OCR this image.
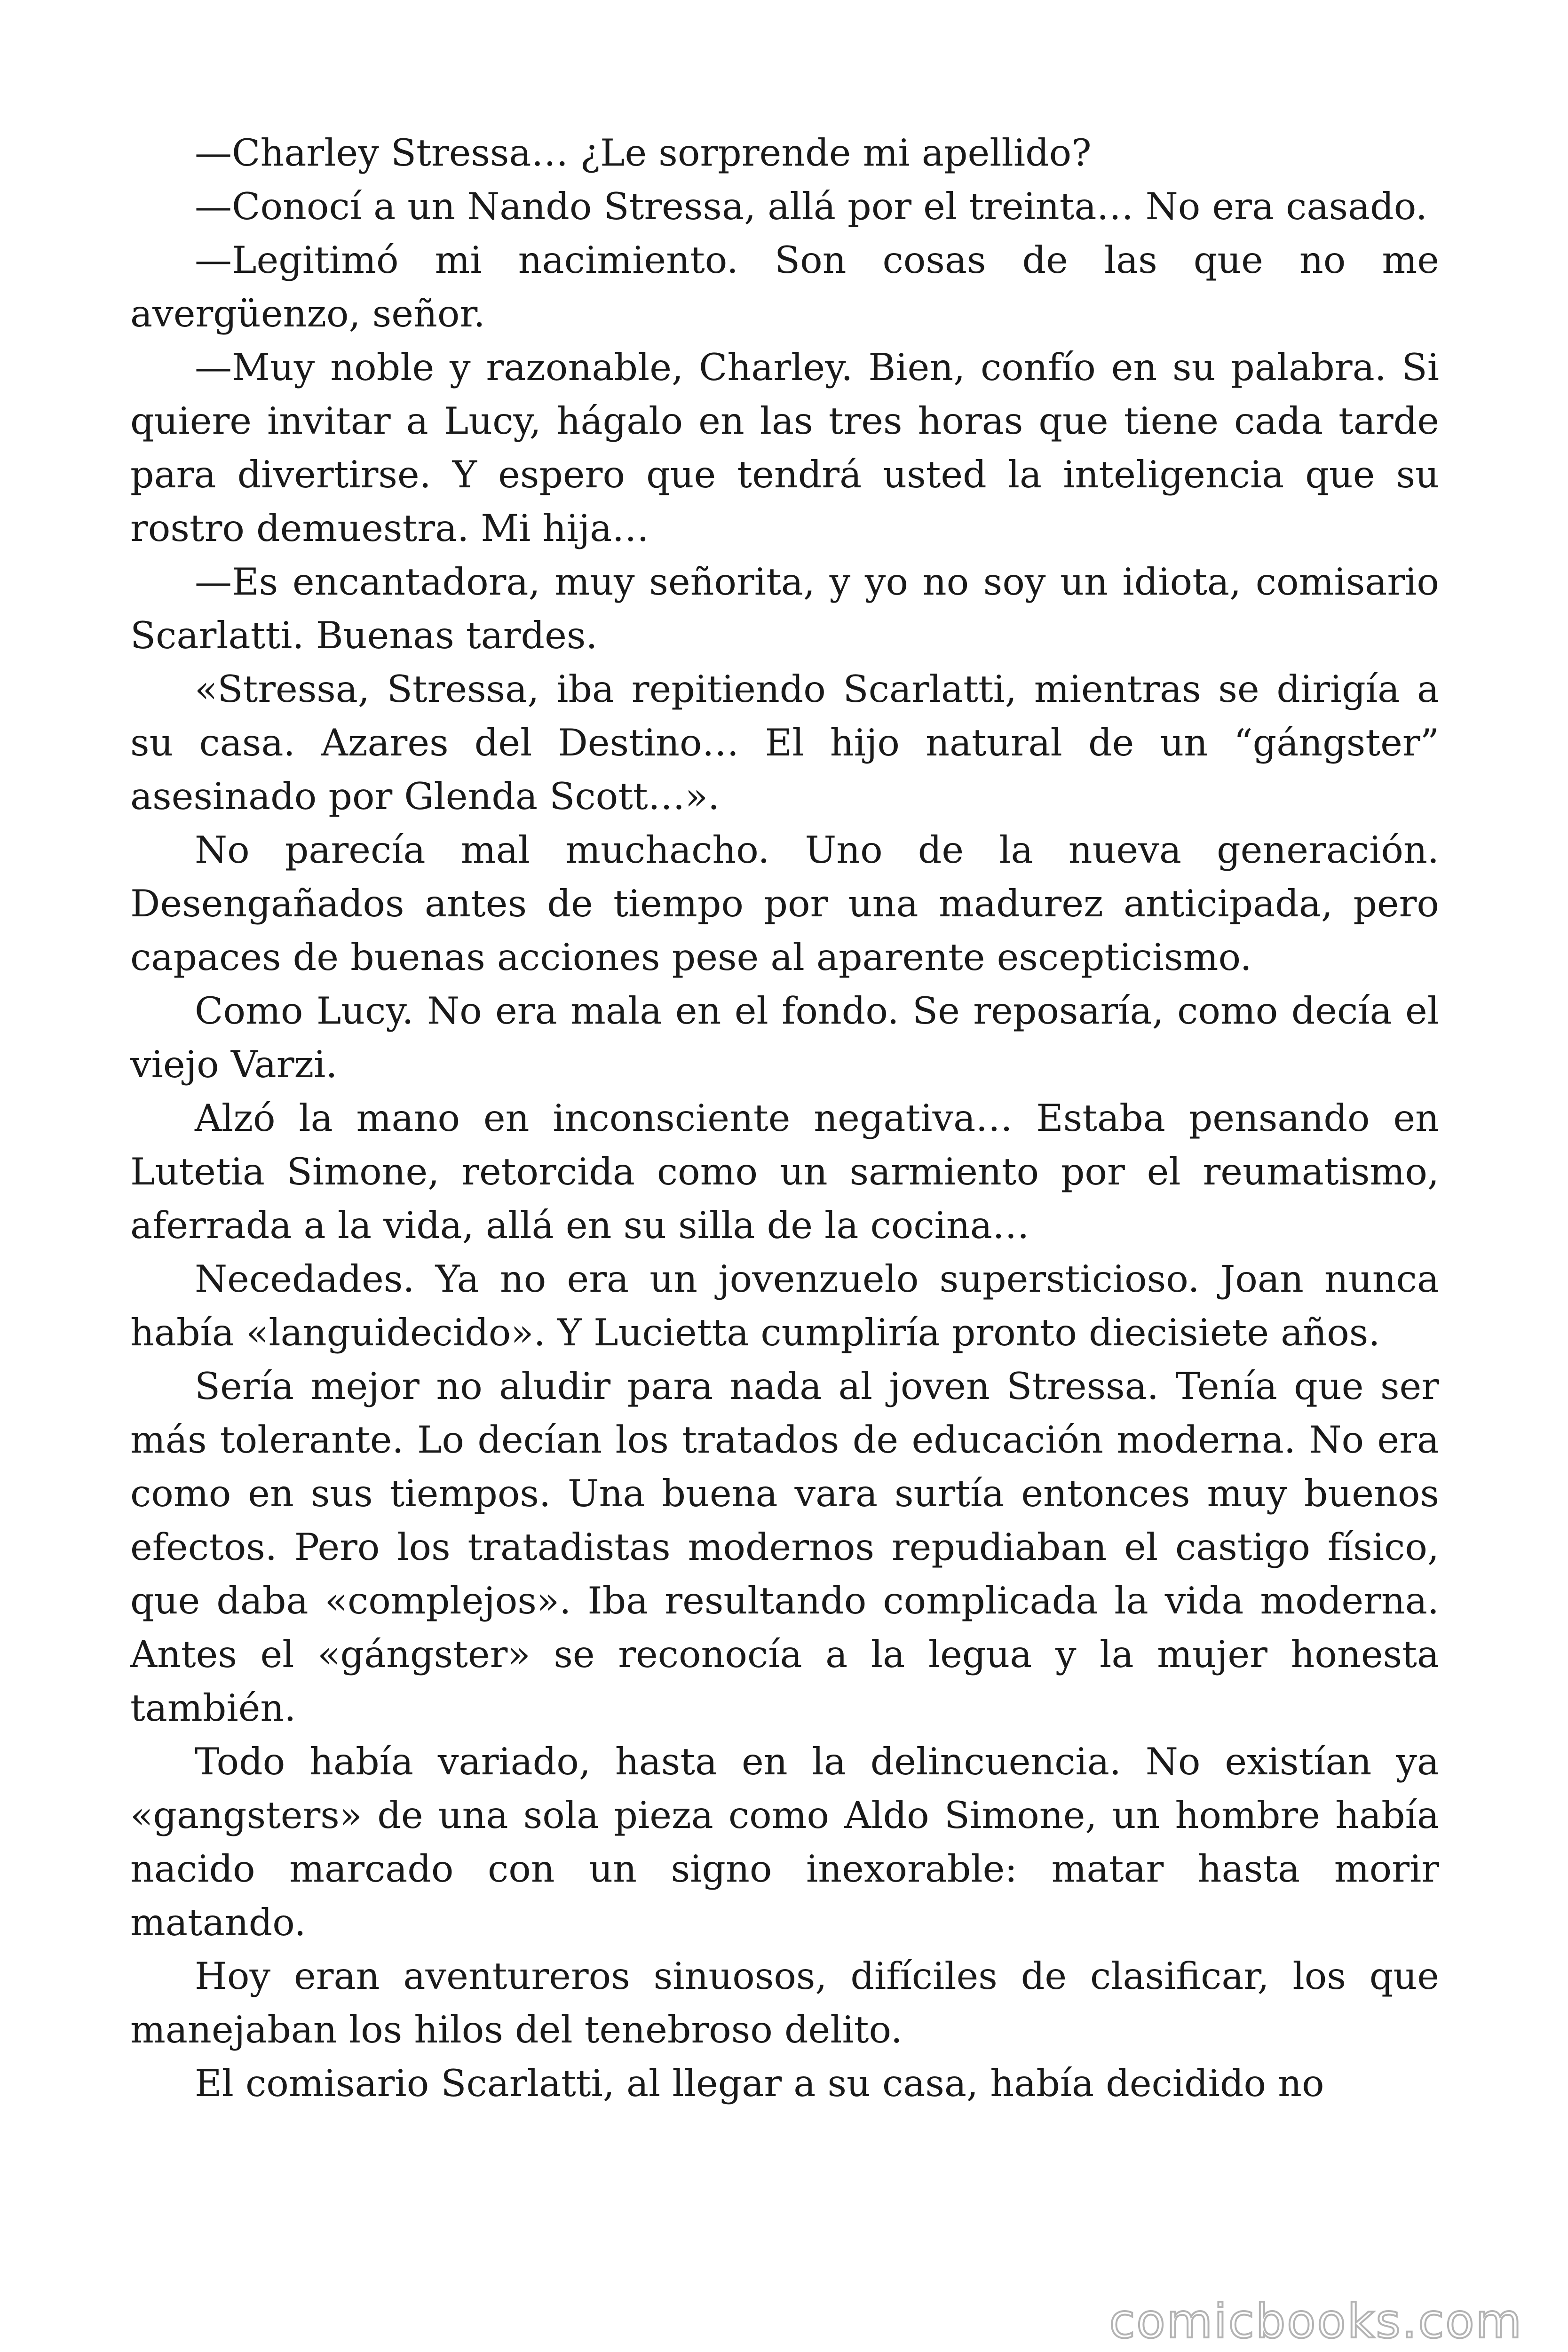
—Charley Stressa… ¿Le sorprende mi apellido?

—Conocí a un Nando Stressa, allá por el treinta… No era casado.

—Legitimó mi nacimiento. Son cosas de las que no me avergüenzo, señor.

—Muy noble y razonable, Charley. Bien, confío en su palabra. Si quiere invitar a Lucy, hágalo en las tres horas que tiene cada tarde para divertirse. Y espero que tendrá usted la inteligencia que su rostro demuestra. Mi hija…

—Es encantadora, muy señorita, y yo no soy un idiota, comisario Scarlatti. Buenas tardes.

«Stressa, Stressa, iba repitiendo Scarlatti, mientras se dirigía a su casa. Azares del Destino… El hijo natural de un “gángster” asesinado por Glenda Scott…».

No parecía mal muchacho. Uno de la nueva generación. Desengañados antes de tiempo por una madurez anticipada, pero capaces de buenas acciones pese al aparente escepticismo.

Como Lucy. No era mala en el fondo. Se reposaría, como decía el viejo Varzi.

Alzó la mano en inconsciente negativa… Estaba pensando en Lutetia Simone, retorcida como un sarmiento por el reumatismo, aferrada a la vida, allá en su silla de la cocina…

Necedades. Ya no era un jovenzuelo supersticioso. Joan nunca había «languidecido». Y Lucietta cumpliría pronto diecisiete años.

Sería mejor no aludir para nada al joven Stressa. Tenía que ser más tolerante. Lo decían los tratados de educación moderna. No era como en sus tiempos. Una buena vara surtía entonces muy buenos efectos. Pero los tratadistas modernos repudiaban el castigo físico, que daba «complejos». Iba resultando complicada la vida moderna. Antes el «gángster» se reconocía a la legua y la mujer honesta también.

Todo había variado, hasta en la delincuencia. No existían ya «gangsters» de una sola pieza como Aldo Simone, un hombre había nacido marcado con un signo inexorable: matar hasta morir matando.

Hoy eran aventureros sinuosos, difíciles de clasificar, los que manejaban los hilos del tenebroso delito.

El comisario Scarlatti, al llegar a su casa, había decidido no

comicbooks.com
